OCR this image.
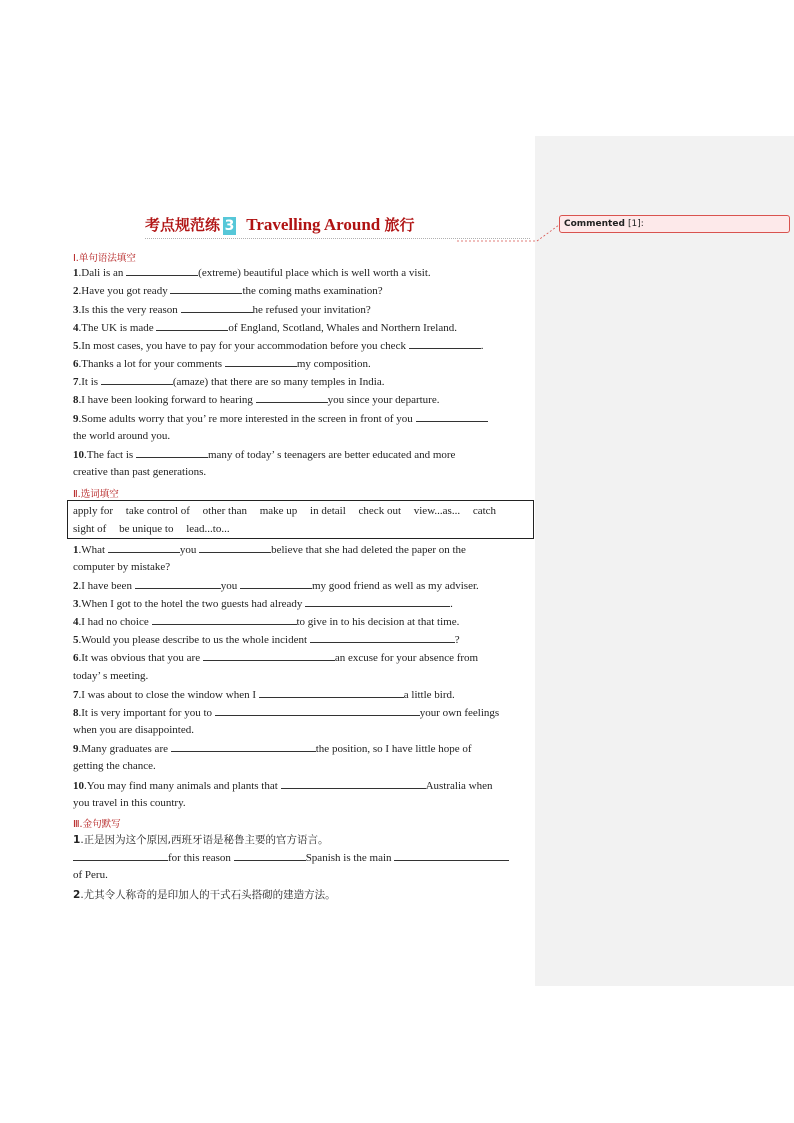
Commented [1]:
考点规范练 3 Travelling Around 旅行
Ⅰ.单句语法填空
1.Dali is an	(extreme) beautiful place which is well worth a visit.
2.Have you got ready	the coming maths examination?
3.Is this the very reason	he refused your invitation?
4.The UK is made	of England, Scotland, Whales and Northern Ireland.
5.In most cases, you have to pay for your accommodation before you check	.
6.Thanks a lot for your comments	my composition.
7.It is	(amaze) that there are so many temples in India.
8.I have been looking forward to hearing	you since your departure.
9.Some adults worry that you’ re more interested in the screen in front of you
the world around you.
10.The fact is	many of today’ s teenagers are better educated and more
creative than past generations.
Ⅱ.选词填空
apply for take control of other than make up in detail check out view...as... catch
sight of be unique to lead...to...
1.What	you	believe that she had deleted the paper on the
computer by mistake?
2.I have been	you	my good friend as well as my adviser.
3.When I got to the hotel the two guests had already	.
4.I had no choice	to give in to his decision at that time.
5.Would you please describe to us the whole incident	?
6.It was obvious that you are	an excuse for your absence from
today’ s meeting.
7.I was about to close the window when I	a little bird.
8.It is very important for you to	your own feelings
when you are disappointed.
9.Many graduates are	the position, so I have little hope of
getting the chance.
10.You may find many animals and plants that	Australia when
you travel in this country.
Ⅲ.金句默写
1.正是因为这个原因,西班牙语是秘鲁主要的官方语言。
for this reason	Spanish is the main
of Peru.
2.尤其令人称奇的是印加人的干式石头搭砌的建造方法。
